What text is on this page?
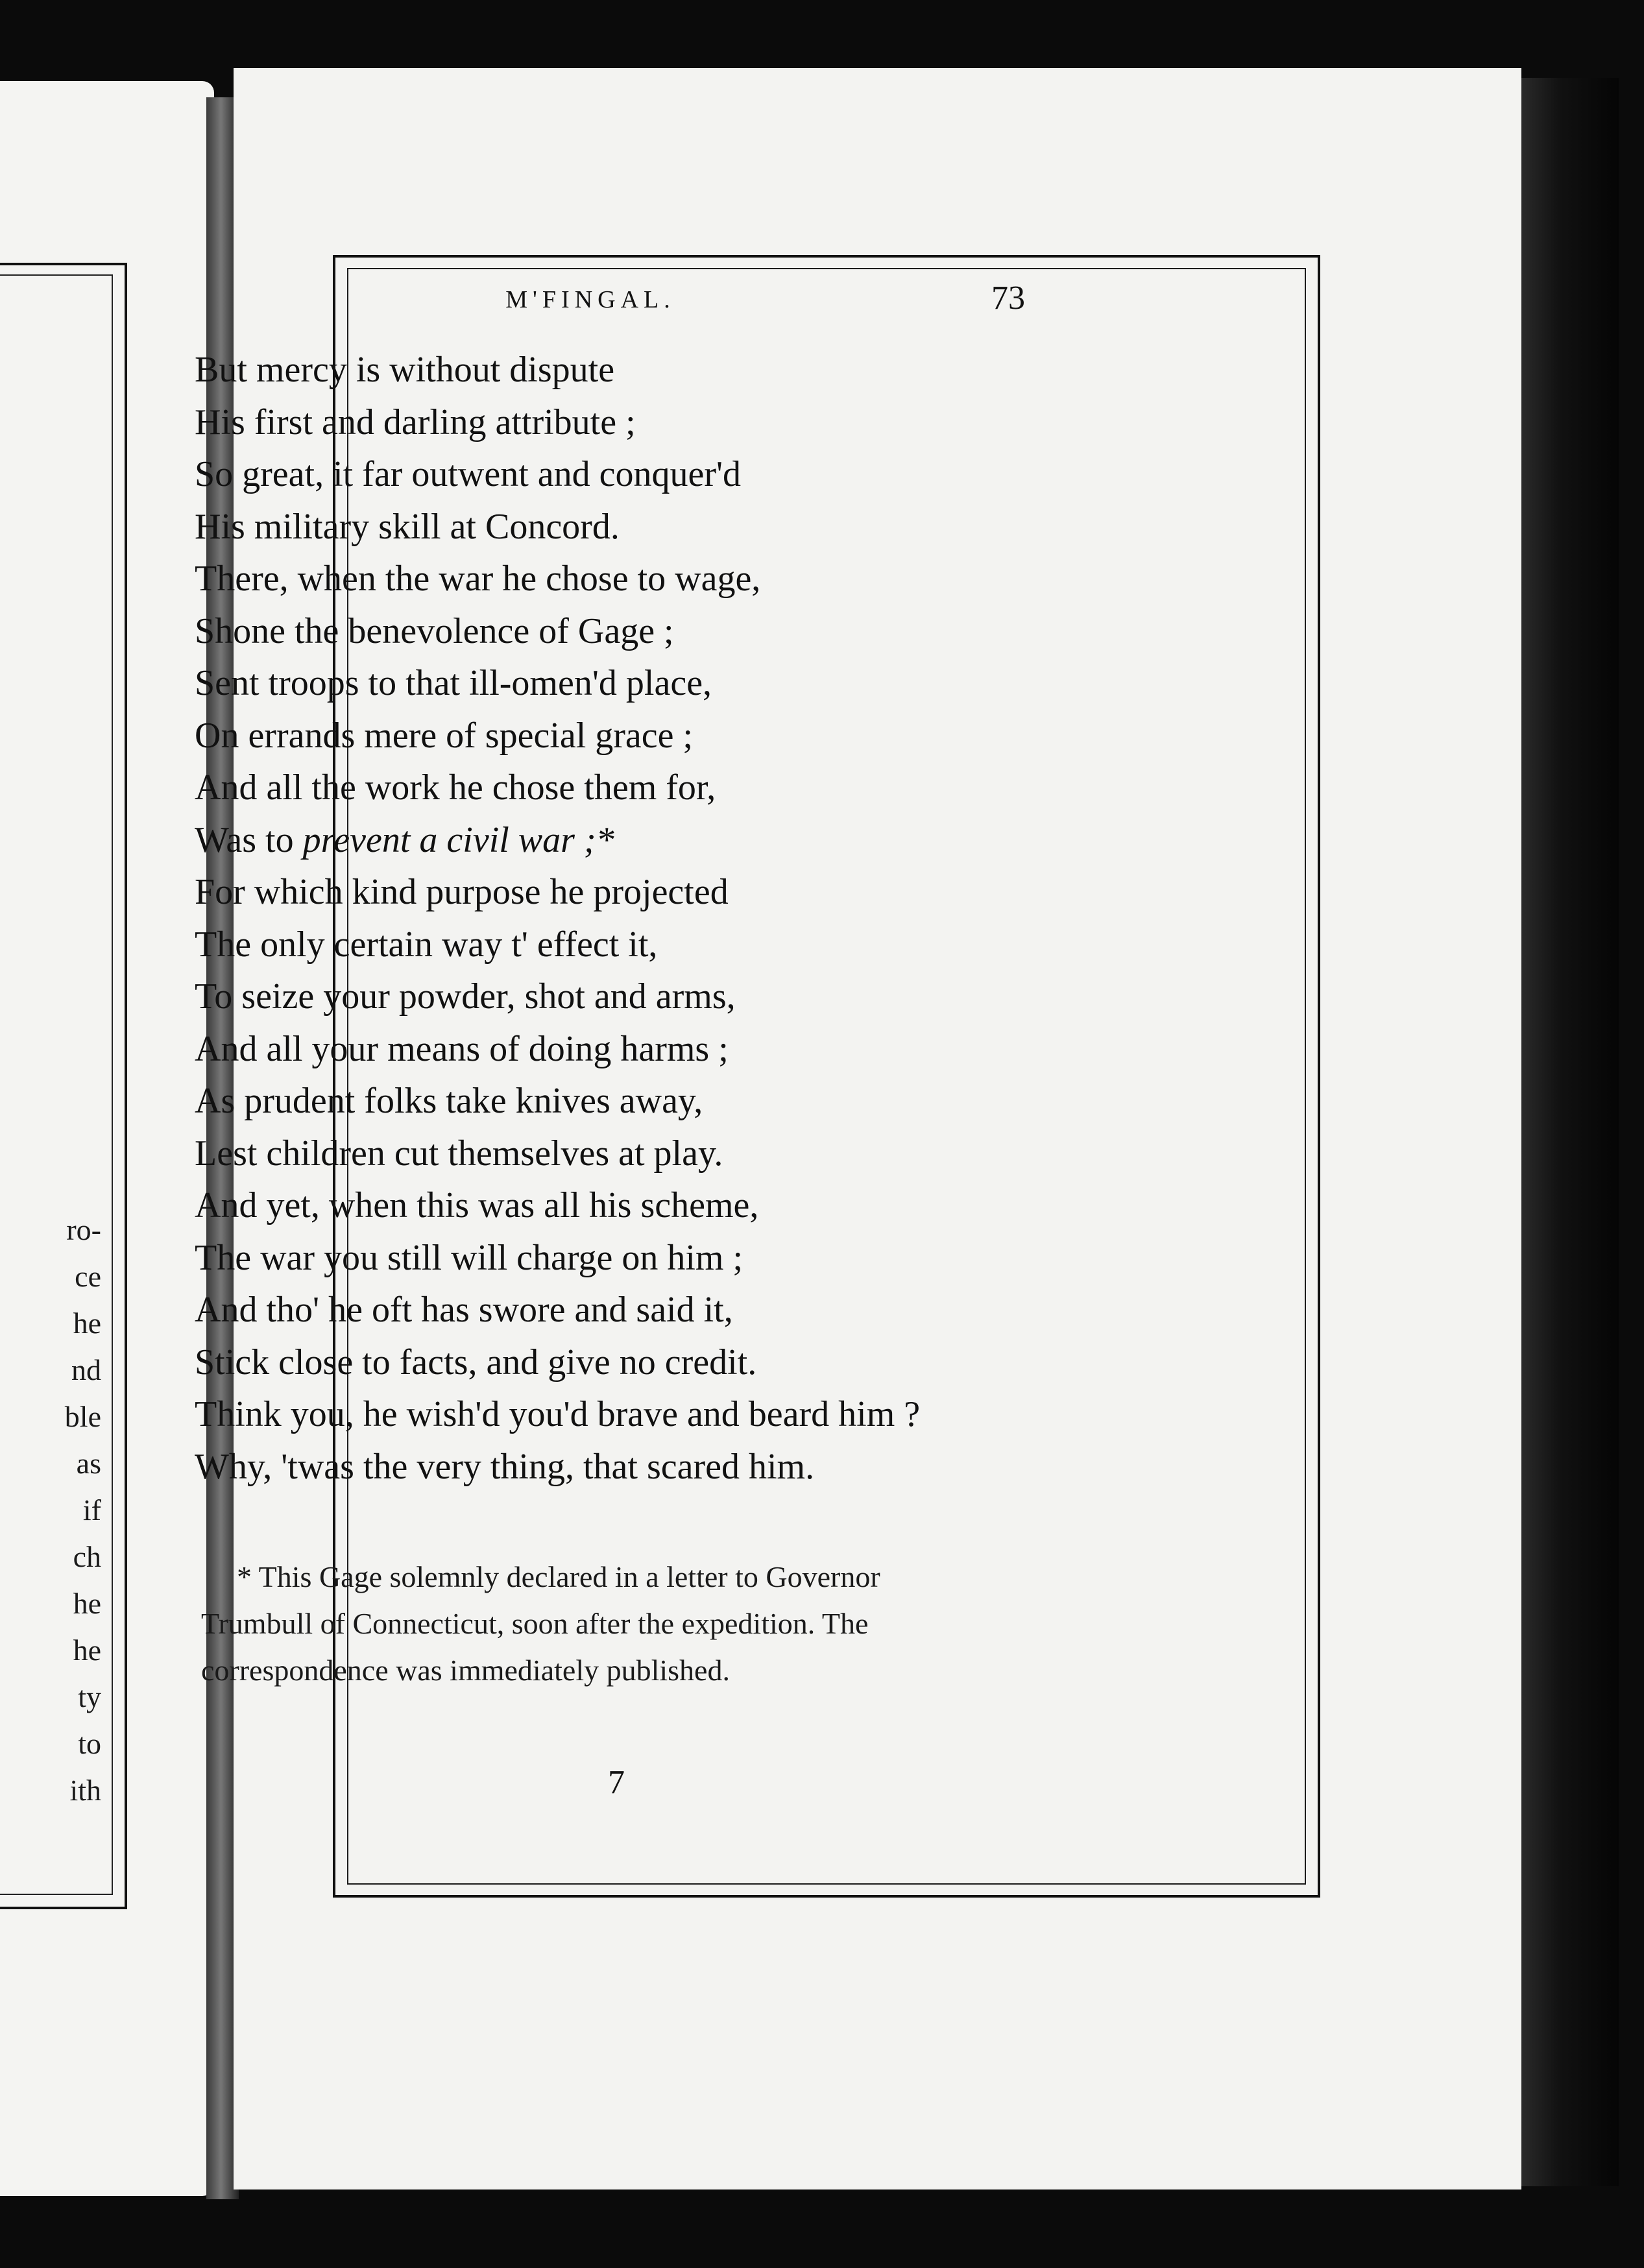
ro-
ce
he
nd
ble
as
if
ch
he
he
ty
to
ith
M'FINGAL.	73
But mercy is without dispute
His first and darling attribute ;
So great, it far outwent and conquer'd
His military skill at Concord.
There, when the war he chose to wage,
Shone the benevolence of Gage ;
Sent troops to that ill-omen'd place,
On errands mere of special grace ;
And all the work he chose them for,
Was to prevent a civil war ;*
For which kind purpose he projected
The only certain way t' effect it,
To seize your powder, shot and arms,
And all your means of doing harms ;
As prudent folks take knives away,
Lest children cut themselves at play.
And yet, when this was all his scheme,
The war you still will charge on him ;
And tho' he oft has swore and said it,
Stick close to facts, and give no credit.
Think you, he wish'd you'd brave and beard him ?
Why, 'twas the very thing, that scared him.

* This Gage solemnly declared in a letter to Governor

Trumbull of Connecticut, soon after the expedition. The

correspondence was immediately published.

7
